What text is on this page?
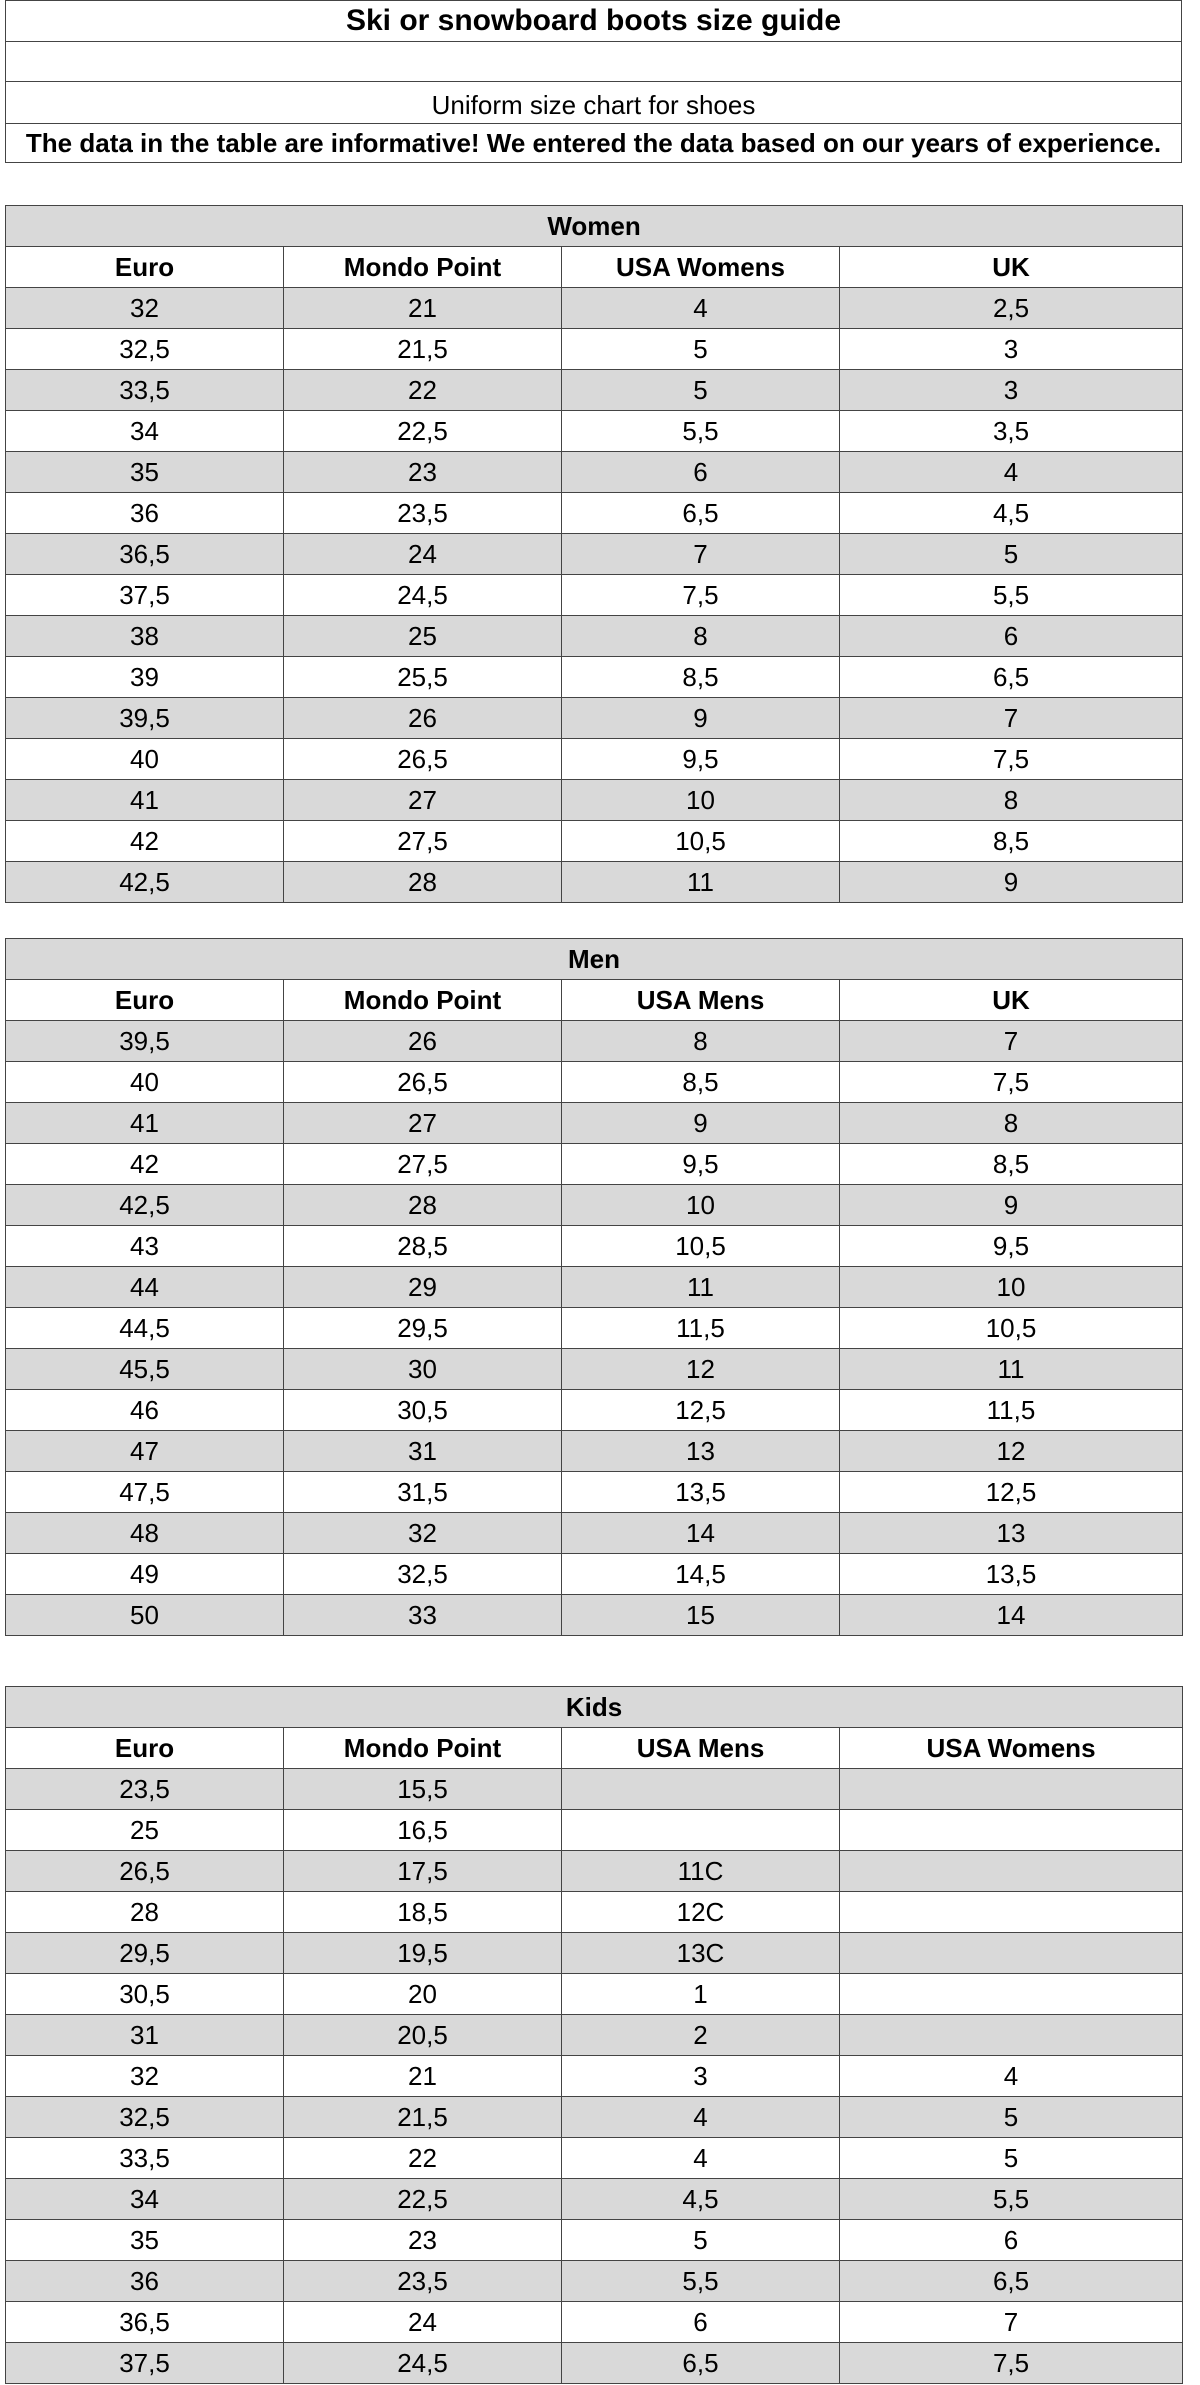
Ski or snowboard boots size guide
Uniform size chart for shoes
The data in the table are informative! We entered the data based on our years of experience.
Women			
Euro	Mondo Point	USA Womens	UK
32	21	4	2,5
32,5	21,5	5	3
33,5	22	5	3
34	22,5	5,5	3,5
35	23	6	4
36	23,5	6,5	4,5
36,5	24	7	5
37,5	24,5	7,5	5,5
38	25	8	6
39	25,5	8,5	6,5
39,5	26	9	7
40	26,5	9,5	7,5
41	27	10	8
42	27,5	10,5	8,5
42,5	28	11	9
Men			
Euro	Mondo Point	USA Mens	UK
39,5	26	8	7
40	26,5	8,5	7,5
41	27	9	8
42	27,5	9,5	8,5
42,5	28	10	9
43	28,5	10,5	9,5
44	29	11	10
44,5	29,5	11,5	10,5
45,5	30	12	11
46	30,5	12,5	11,5
47	31	13	12
47,5	31,5	13,5	12,5
48	32	14	13
49	32,5	14,5	13,5
50	33	15	14
Kids			
Euro	Mondo Point	USA Mens	USA Womens
23,5	15,5		
25	16,5		
26,5	17,5	11C	
28	18,5	12C	
29,5	19,5	13C	
30,5	20	1	
31	20,5	2	
32	21	3	4
32,5	21,5	4	5
33,5	22	4	5
34	22,5	4,5	5,5
35	23	5	6
36	23,5	5,5	6,5
36,5	24	6	7
37,5	24,5	6,5	7,5
